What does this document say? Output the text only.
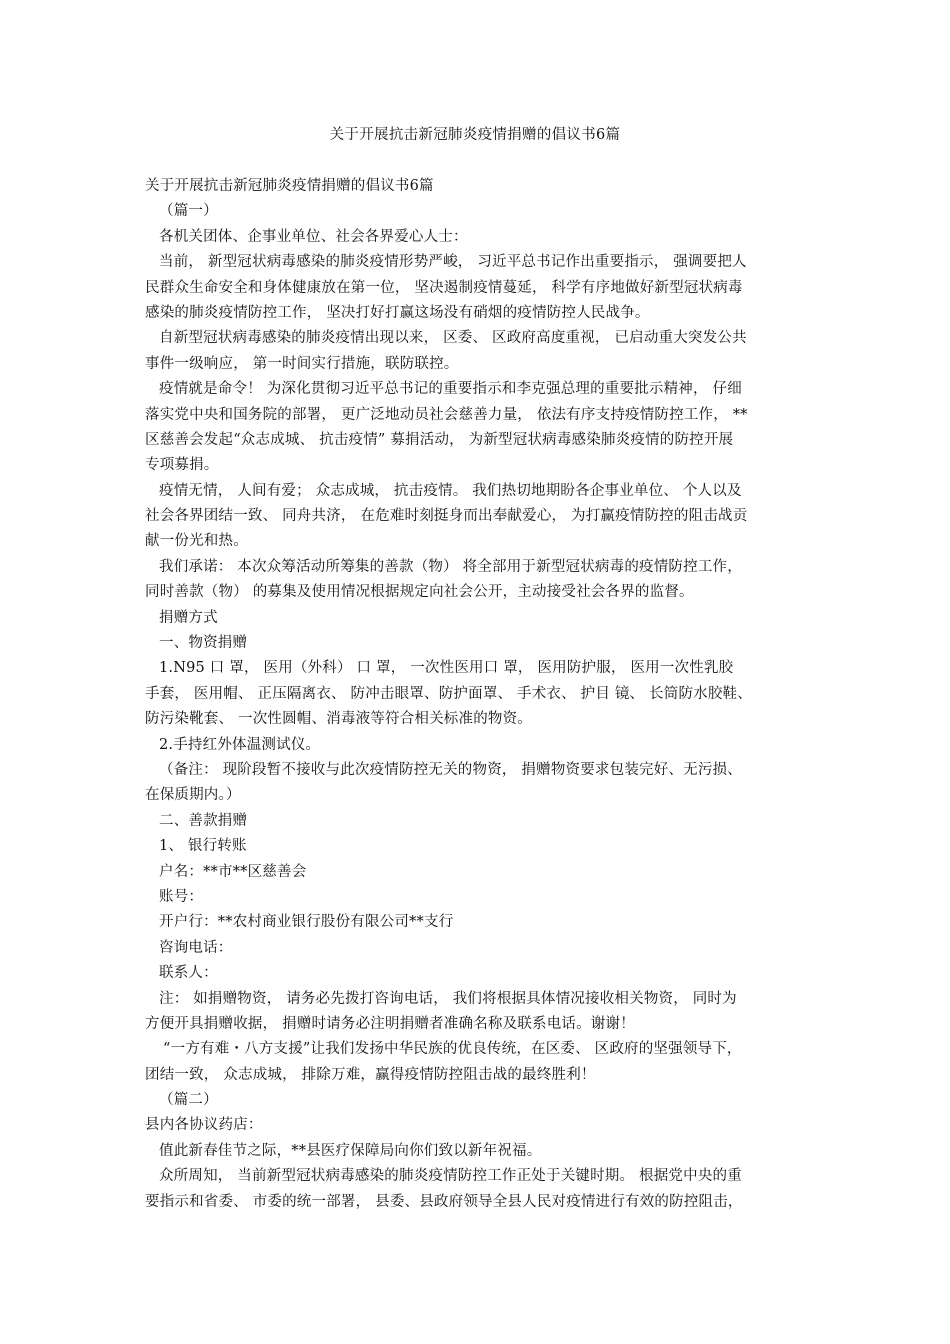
关于开展抗击新冠肺炎疫情捐赠的倡议书6篇
关于开展抗击新冠肺炎疫情捐赠的倡议书6篇
（篇一）
各机关团体、企事业单位、社会各界爱心人士：
当前， 新型冠状病毒感染的肺炎疫情形势严峻， 习近平总书记作出重要指示， 强调要把人
民群众生命安全和身体健康放在第一位， 坚决遏制疫情蔓延， 科学有序地做好新型冠状病毒
感染的肺炎疫情防控工作， 坚决打好打赢这场没有硝烟的疫情防控人民战争。
自新型冠状病毒感染的肺炎疫情出现以来， 区委、 区政府高度重视， 已启动重大突发公共
事件一级响应， 第一时间实行措施，联防联控。
疫情就是命令！ 为深化贯彻习近平总书记的重要指示和李克强总理的重要批示精神， 仔细
落实党中央和国务院的部署， 更广泛地动员社会慈善力量， 依法有序支持疫情防控工作， **
区慈善会发起“众志成城、 抗击疫情” 募捐活动， 为新型冠状病毒感染肺炎疫情的防控开展
专项募捐。
疫情无情， 人间有爱； 众志成城， 抗击疫情。 我们热切地期盼各企事业单位、 个人以及
社会各界团结一致、 同舟共济， 在危难时刻挺身而出奉献爱心， 为打赢疫情防控的阻击战贡
献一份光和热。
我们承诺： 本次众筹活动所筹集的善款（物） 将全部用于新型冠状病毒的疫情防控工作，
同时善款（物） 的募集及使用情况根据规定向社会公开，主动接受社会各界的监督。
捐赠方式
一、物资捐赠
1.N95 口 罩， 医用（外科） 口 罩， 一次性医用口 罩， 医用防护服， 医用一次性乳胶
手套， 医用帽、 正压隔离衣、 防冲击眼罩、防护面罩、 手术衣、 护目 镜、 长筒防水胶鞋、
防污染靴套、 一次性圆帽、消毒液等符合相关标准的物资。
2.手持红外体温测试仪。
（备注： 现阶段暂不接收与此次疫情防控无关的物资， 捐赠物资要求包装完好、无污损、
在保质期内。）
二、善款捐赠
1、 银行转账
户名：**市**区慈善会
账号：
开户行：**农村商业银行股份有限公司**支行
咨询电话：
联系人：
注： 如捐赠物资， 请务必先拨打咨询电话， 我们将根据具体情况接收相关物资， 同时为
方便开具捐赠收据， 捐赠时请务必注明捐赠者准确名称及联系电话。谢谢！
“一方有难・八方支援”让我们发扬中华民族的优良传统，在区委、 区政府的坚强领导下，
团结一致， 众志成城， 排除万难，赢得疫情防控阻击战的最终胜利！
（篇二）
县内各协议药店：
值此新春佳节之际，**县医疗保障局向你们致以新年祝福。
众所周知， 当前新型冠状病毒感染的肺炎疫情防控工作正处于关键时期。 根据党中央的重
要指示和省委、 市委的统一部署， 县委、县政府领导全县人民对疫情进行有效的防控阻击，
